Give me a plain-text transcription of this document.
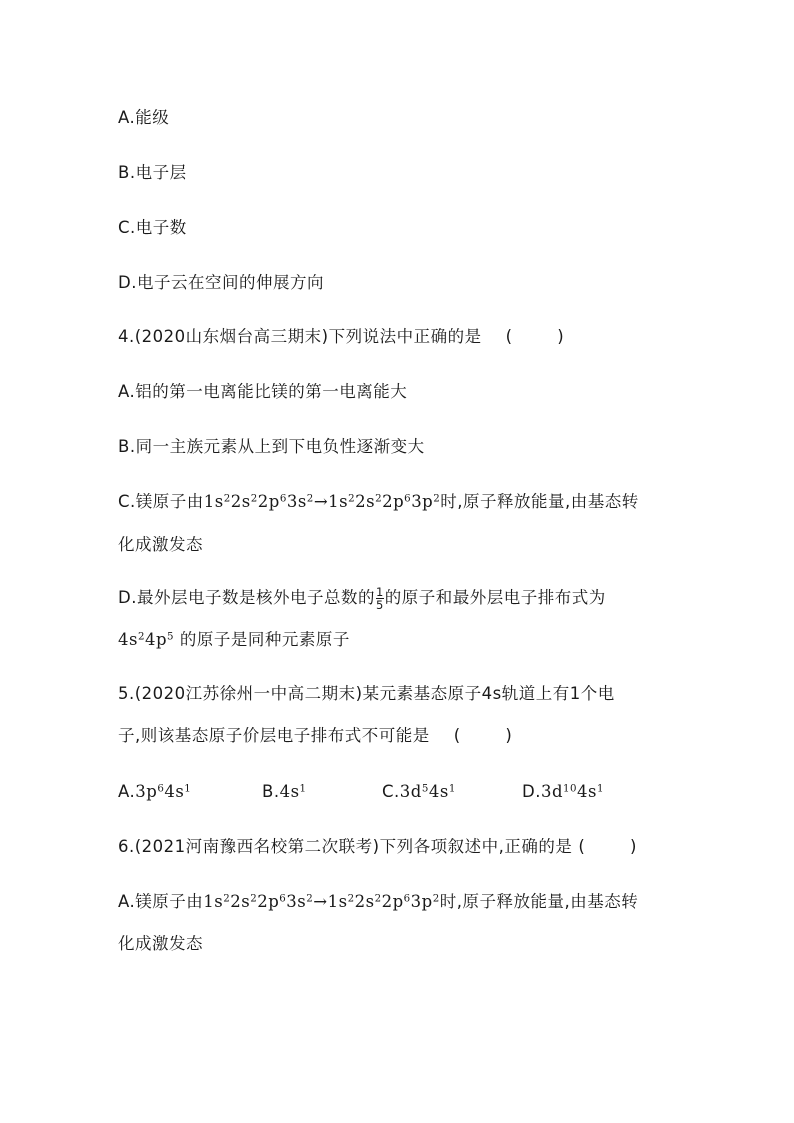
A.能级
B.电子层
C.电子数
D.电子云在空间的伸展方向
4.(2020山东烟台高三期末)下列说法中正确的是 ( )
A.铝的第一电离能比镁的第一电离能大
B.同一主族元素从上到下电负性逐渐变大
C.镁原子由$1s^22s^22p^63s^2\to 1s^22s^22p^63p^2$时,原子释放能量,由基态转
化成激发态
D.最外层电子数是核外电子总数的 $\frac{1}{5}$ 的原子和最外层电子排布式为
$4s^24p^5$ 的原子是同种元素原子
5.(2020江苏徐州一中高二期末)某元素基态原子4s轨道上有1个电
子,则该基态原子价层电子排布式不可能是 ( )
$A.3p^64s^1$	$B.4s^1$	$C.3d^54s^1$	$D.3d^{10}4s^1$
6.(2021河南豫西名校第二次联考)下列各项叙述中,正确的是 ( )
A.镁原子由$1s^22s^22p^63s^2\to 1s^22s^22p^63p^2$时,原子释放能量,由基态转
化成激发态
